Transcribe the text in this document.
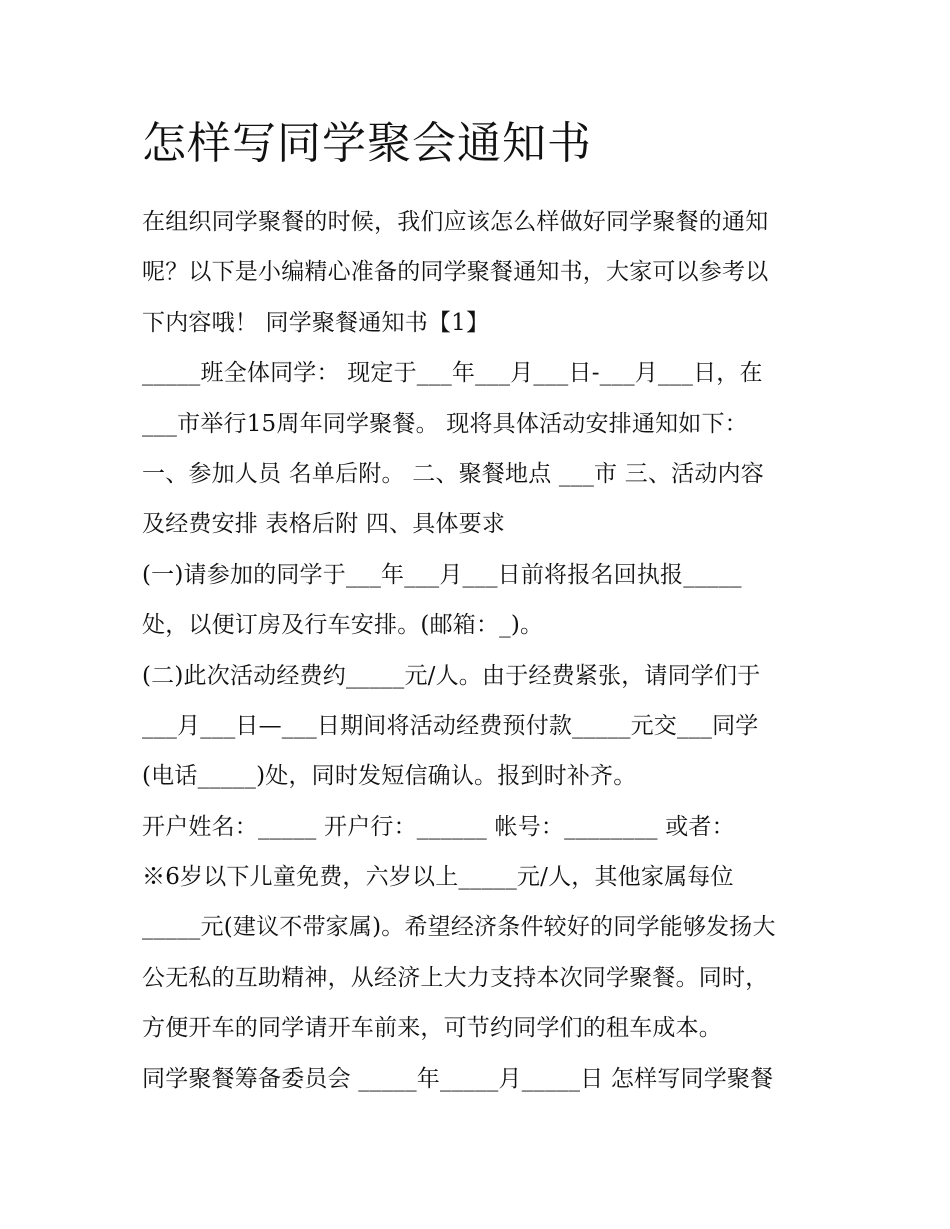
怎样写同学聚会通知书
在组织同学聚餐的时候，我们应该怎么样做好同学聚餐的通知
呢？以下是小编精心准备的同学聚餐通知书，大家可以参考以
下内容哦！ 同学聚餐通知书【1】
_____班全体同学： 现定于___年___月___日-___月___日，在
___市举行15周年同学聚餐。 现将具体活动安排通知如下：
一、参加人员 名单后附。 二、聚餐地点 ___市 三、活动内容
及经费安排 表格后附 四、具体要求
(一)请参加的同学于___年___月___日前将报名回执报_____
处，以便订房及行车安排。(邮箱：_)。
(二)此次活动经费约_____元/人。由于经费紧张，请同学们于
___月___日—___日期间将活动经费预付款_____元交___同学
(电话_____)处，同时发短信确认。报到时补齐。
开户姓名：_____ 开户行：______ 帐号：________ 或者：
※6岁以下儿童免费，六岁以上_____元/人，其他家属每位
_____元(建议不带家属)。希望经济条件较好的同学能够发扬大
公无私的互助精神，从经济上大力支持本次同学聚餐。同时，
方便开车的同学请开车前来，可节约同学们的租车成本。
同学聚餐筹备委员会 _____年_____月_____日 怎样写同学聚餐
